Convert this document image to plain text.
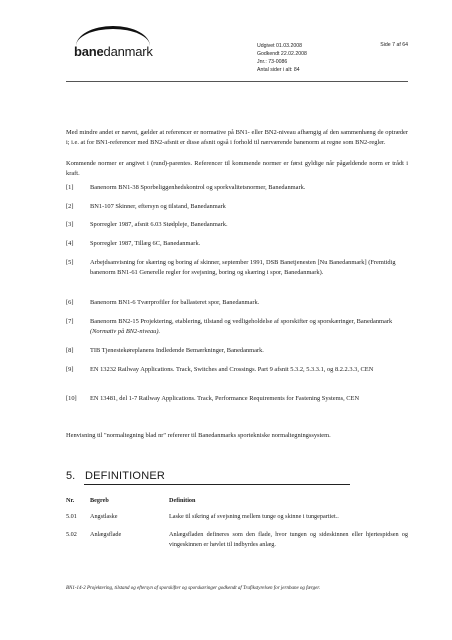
banedanmark	Udgivet 01.03.2008
Godkendt 22.02.2008
Jnr.: 73-0086
Antal sider i alt: 84
Side 7 af 64
Med mindre andet er nævnt, gælder at referencer er normative på BN1- eller BN2-niveau afhængig af den sammenhæng de optræder i; i.e. at for BN1-referencer med BN2-afsnit er disse afsnit også i forhold til nærværende banenorm at regne som BN2-regler.
Kommende normer er angivet i (rund)-parentes. Referencer til kommende normer er først gyldige når pågældende norm er trådt i kraft.
[1]	Banenorm BN1-38 Sporbeliggenhedskontrol og sporkvalitetsnormer, Banedanmark.
[2]	BN1-107 Skinner, eftersyn og tilstand, Banedanmark
[3]	Sporregler 1987, afsnit 6.03 Stødpleje, Banedanmark.
[4]	Sporregler 1987, Tillæg 6C, Banedanmark.
[5]	Arbejdsanvisning for skæring og boring af skinner, september 1991, DSB Banetjenesten [Nu Banedanmark] (Fremtidig banenorm BN1-61 Generelle regler for svejsning, boring og skæring i spor, Banedanmark).
[6]	Banenorm BN1-6 Tværprofiler for ballasteret spor, Banedanmark.
[7]	Banenorm BN2-15 Projektering, etablering, tilstand og vedligeholdelse af sporskifter og sporskæringer, Banedanmark (Normativ på BN2-niveau).
[8]	TIB Tjenestekøreplanens Indledende Bemærkninger, Banedanmark.
[9]	EN 13232 Railway Applications. Track, Switches and Crossings. Part 9 afsnit 5.3.2, 5.3.3.1, og 8.2.2.3.3, CEN
[10] EN 13481, del 1-7 Railway Applications. Track, Performance Requirements for Fastening Systems, CEN
Henvisning til "normaltegning blad nr" refererer til Banedanmarks sportekniske normaltegningssystem.
5. DEFINITIONER
Nr.	Begreb	Definition
5.01 Angstlaske	Laske til sikring af svejsning mellem tunge og skinne i tungepartiet..
5.02 Anlægsflade	Anlægsfladen defineres som den flade, hvor tungen og sideskinnen eller hjertespidsen og vingeskinnen er høvlet til indbyrdes anlæg.
BN1-14-2 Projektering, tilstand og eftersyn af sporskifter og sporskæringer godkendt af Trafikstyrelsen for jernbane og færger.
